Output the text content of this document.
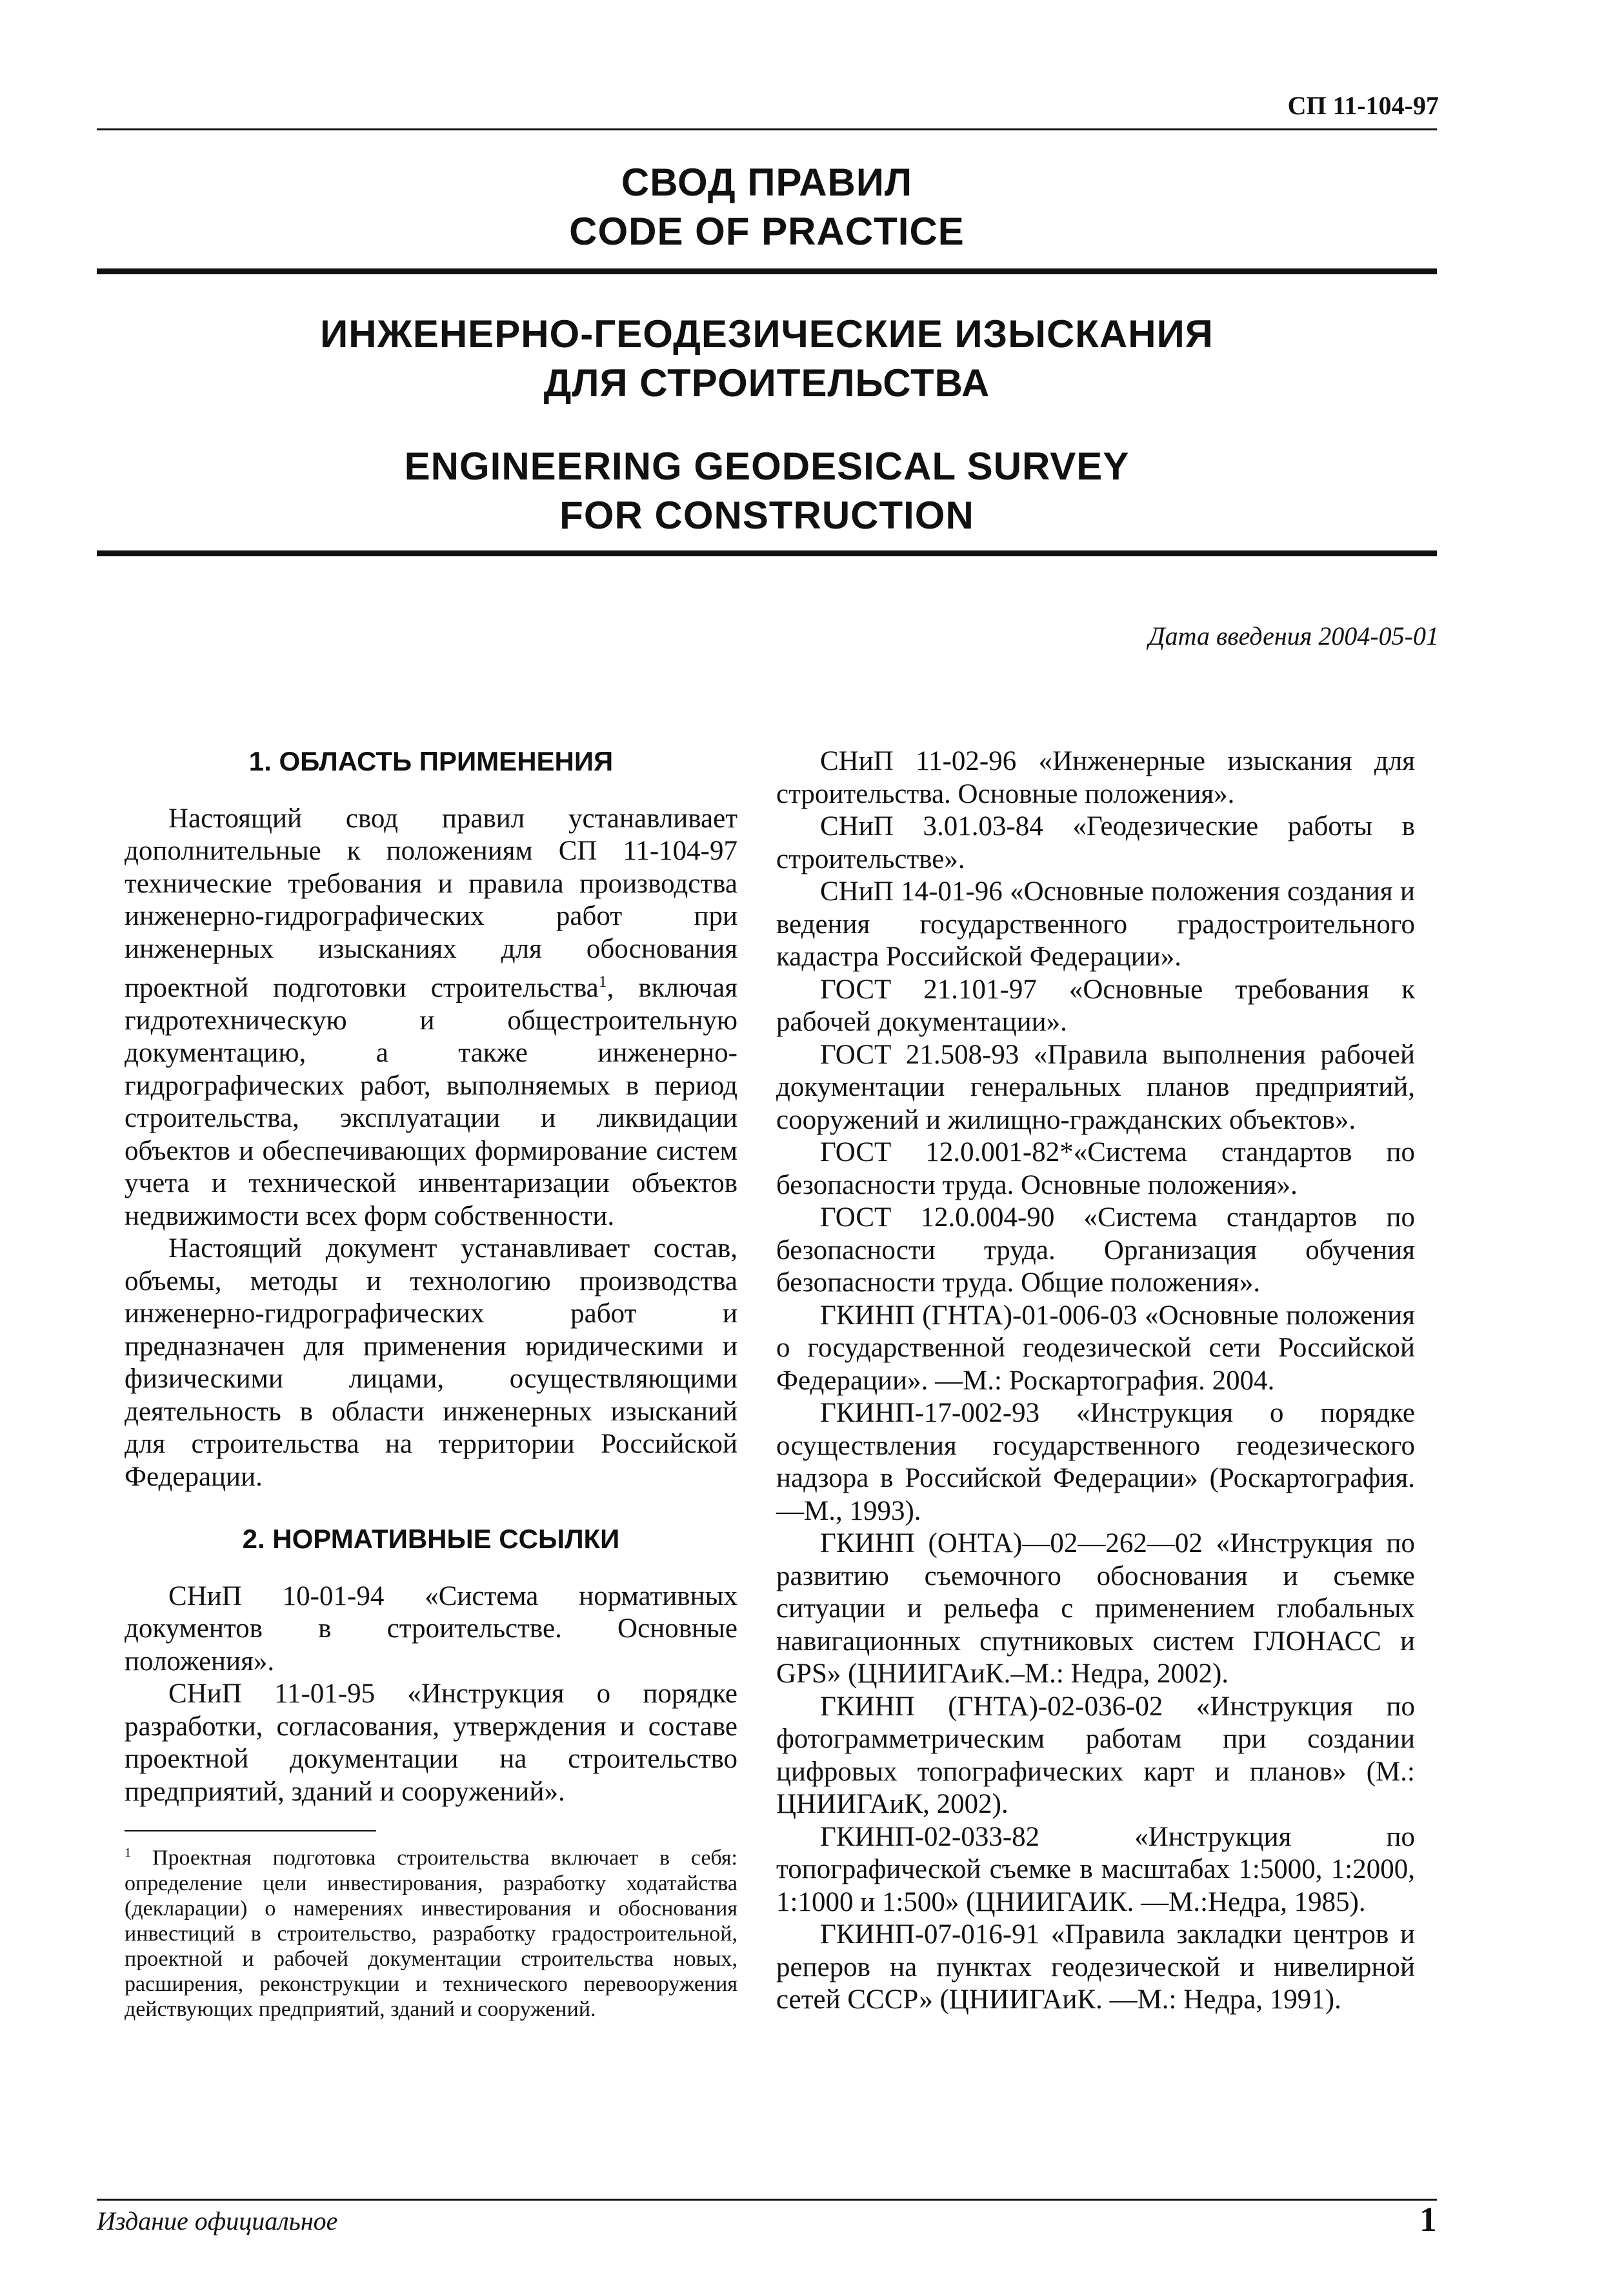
СП 11-104-97
СВОД ПРАВИЛ
CODE OF PRACTICE
ИНЖЕНЕРНО-ГЕОДЕЗИЧЕСКИЕ ИЗЫСКАНИЯ
ДЛЯ СТРОИТЕЛЬСТВА
ENGINEERING GEODESICAL SURVEY
FOR CONSTRUCTION
Дата введения 2004-05-01
1. ОБЛАСТЬ ПРИМЕНЕНИЯ

Настоящий свод правил устанавливает дополнительные к положениям СП 11-104-97 технические требования и правила производства инженерно-гидрографических работ при инженерных изысканиях для обоснования проектной подготовки строительства$^1$, включая гидротехническую и общестроительную документацию, а также инженерно-гидрографических работ, выполняемых в период строительства, эксплуатации и ликвидации объектов и обеспечивающих формирование систем учета и технической инвентаризации объектов недвижимости всех форм собственности.

Настоящий документ устанавливает состав, объемы, методы и технологию производства инженерно-гидрографических работ и предназначен для применения юридическими и физическими лицами, осуществляющими деятельность в области инженерных изысканий для строительства на территории Российской Федерации.

2. НОРМАТИВНЫЕ ССЫЛКИ

СНиП 10-01-94 «Система нормативных документов в строительстве. Основные положения».

СНиП 11-01-95 «Инструкция о порядке разработки, согласования, утверждения и составе проектной документации на строительство предприятий, зданий и сооружений».

$^1$ Проектная подготовка строительства включает в себя: определение цели инвестирования, разработку ходатайства (декларации) о намерениях инвестирования и обоснования инвестиций в строительство, разработку градостроительной, проектной и рабочей документации строительства новых, расширения, реконструкции и технического перевооружения действующих предприятий, зданий и сооружений.

СНиП 11-02-96 «Инженерные изыскания для строительства. Основные положения».

СНиП 3.01.03-84 «Геодезические работы в строительстве».

СНиП 14-01-96 «Основные положения создания и ведения государственного градостроительного кадастра Российской Федерации».

ГОСТ 21.101-97 «Основные требования к рабочей документации».

ГОСТ 21.508-93 «Правила выполнения рабочей документации генеральных планов предприятий, сооружений и жилищно-гражданских объектов».

ГОСТ 12.0.001-82*«Система стандартов по безопасности труда. Основные положения».

ГОСТ 12.0.004-90 «Система стандартов по безопасности труда. Организация обучения безопасности труда. Общие положения».

ГКИНП (ГНТА)-01-006-03 «Основные положения о государственной геодезической сети Российской Федерации». —М.: Роскартография. 2004.

ГКИНП-17-002-93 «Инструкция о порядке осуществления государственного геодезического надзора в Российской Федерации» (Роскартография. —М., 1993).

ГКИНП (ОНТА)—02—262—02 «Инструкция по развитию съемочного обоснования и съемке ситуации и рельефа с применением глобальных навигационных спутниковых систем ГЛОНАСС и GPS» (ЦНИИГАиК.–М.: Недра, 2002).

ГКИНП (ГНТА)-02-036-02 «Инструкция по фотограмметрическим работам при создании цифровых топографических карт и планов» (М.: ЦНИИГАиК, 2002).

ГКИНП-02-033-82 «Инструкция по топографической съемке в масштабах 1:5000, 1:2000, 1:1000 и 1:500» (ЦНИИГАИК. —М.:Недра, 1985).

ГКИНП-07-016-91 «Правила закладки центров и реперов на пунктах геодезической и нивелирной сетей СССР» (ЦНИИГАиК. —М.: Недра, 1991).

Издание официальное	1
